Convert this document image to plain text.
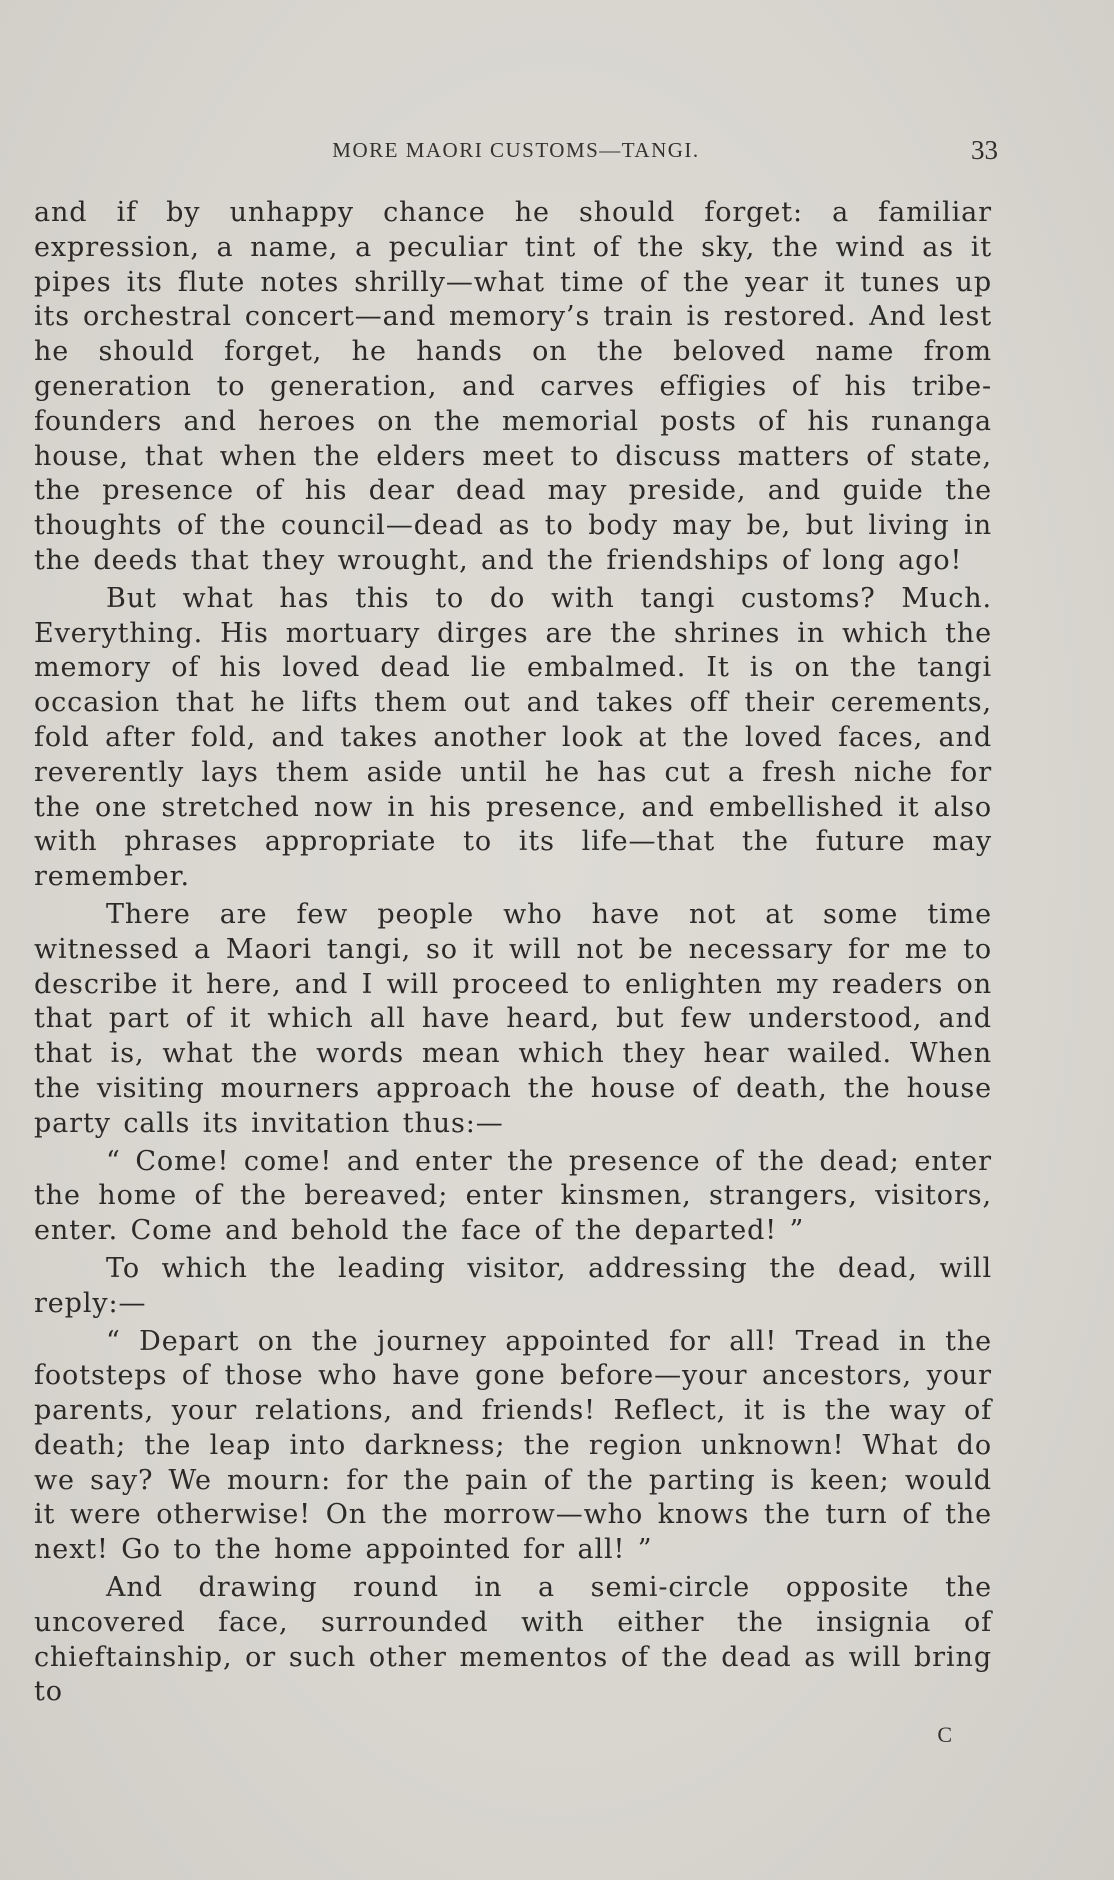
MORE MAORI CUSTOMS—TANGI.	33

and if by unhappy chance he should forget: a familiar expression, a name, a peculiar tint of the sky, the wind as it pipes its flute notes shrilly—what time of the year it tunes up its orchestral concert—and memory’s train is restored. And lest he should forget, he hands on the beloved name from generation to generation, and carves effigies of his tribe-founders and heroes on the memorial posts of his runanga house, that when the elders meet to discuss matters of state, the presence of his dear dead may preside, and guide the thoughts of the council—dead as to body may be, but living in the deeds that they wrought, and the friendships of long ago!

But what has this to do with tangi customs? Much. Everything. His mortuary dirges are the shrines in which the memory of his loved dead lie embalmed. It is on the tangi occasion that he lifts them out and takes off their cerements, fold after fold, and takes another look at the loved faces, and reverently lays them aside until he has cut a fresh niche for the one stretched now in his presence, and embellished it also with phrases appropriate to its life—that the future may remember.

There are few people who have not at some time witnessed a Maori tangi, so it will not be necessary for me to describe it here, and I will proceed to enlighten my readers on that part of it which all have heard, but few understood, and that is, what the words mean which they hear wailed. When the visiting mourners approach the house of death, the house party calls its invitation thus:—

“ Come! come! and enter the presence of the dead; enter the home of the bereaved; enter kinsmen, strangers, visitors, enter. Come and behold the face of the departed! ”

To which the leading visitor, addressing the dead, will reply:—

“ Depart on the journey appointed for all! Tread in the footsteps of those who have gone before—your ancestors, your parents, your relations, and friends! Reflect, it is the way of death; the leap into darkness; the region unknown! What do we say? We mourn: for the pain of the parting is keen; would it were otherwise! On the morrow—who knows the turn of the next! Go to the home appointed for all! ”

And drawing round in a semi-circle opposite the uncovered face, surrounded with either the insignia of chieftainship, or such other mementos of the dead as will bring to

C
